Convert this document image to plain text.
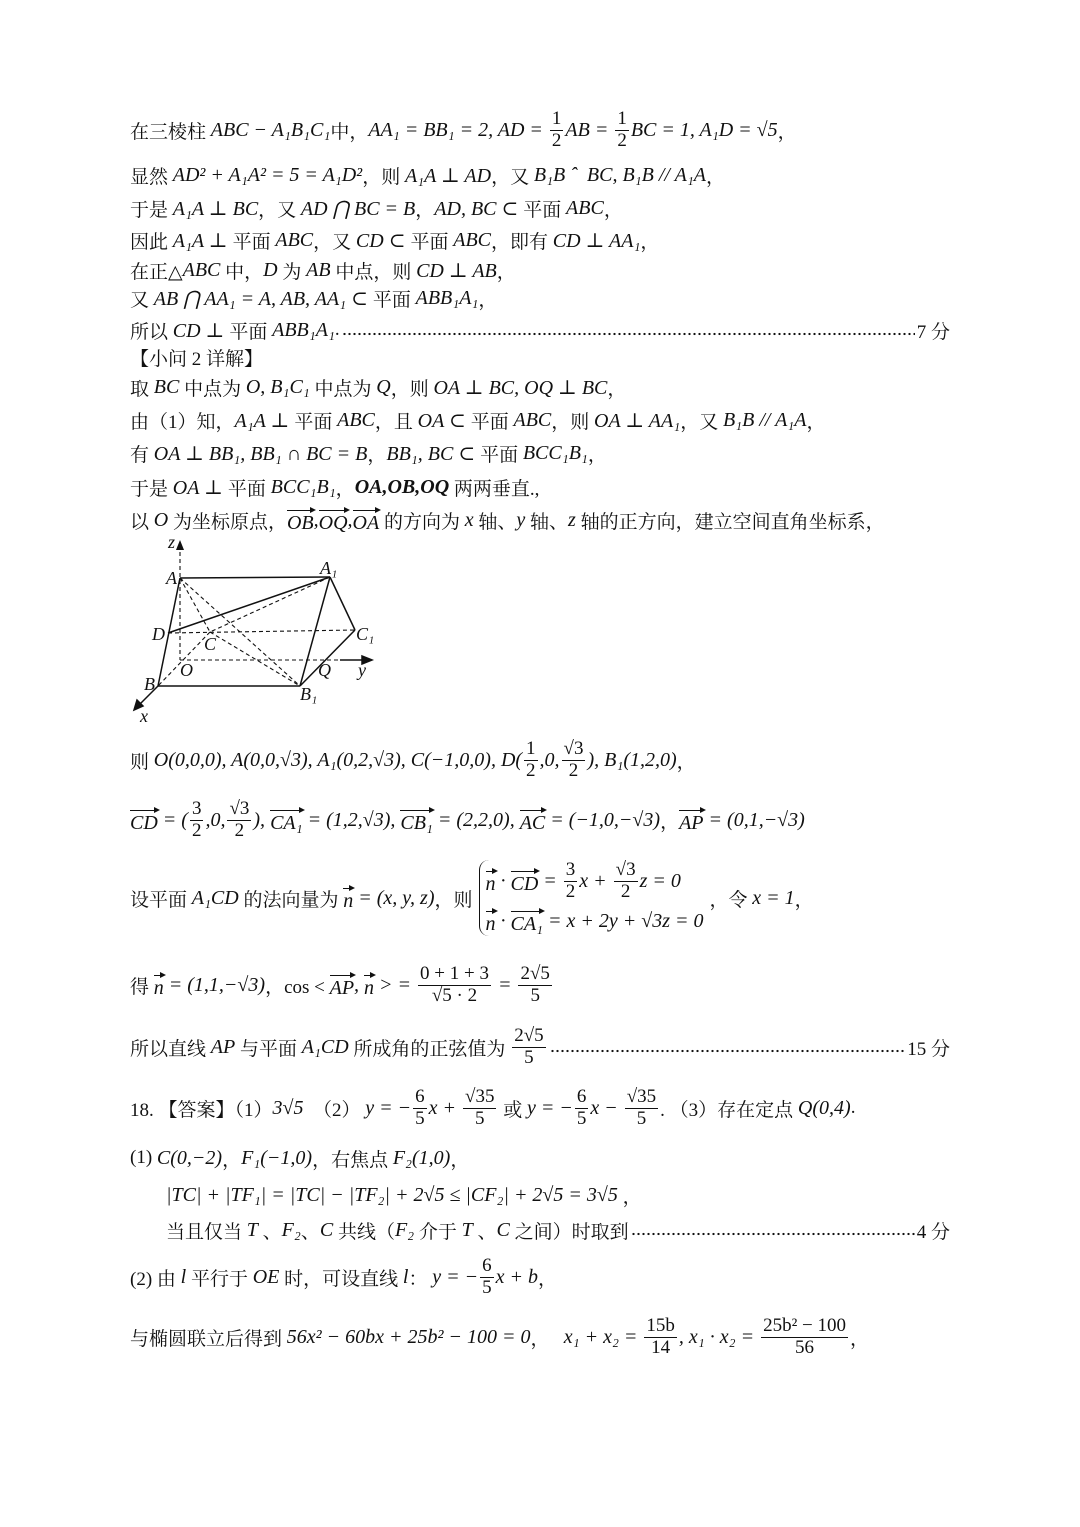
在三棱柱 ABC − A₁B₁C₁ 中， AA₁ = BB₁ = 2, AD = $\frac{1}{2}$ AB = $\frac{1}{2}$ BC = 1, A₁D = √5 ，
显然 AD² + A₁A² = 5 = A₁D² ，则 A₁A ⊥ AD ，又 B₁B ˆ  BC, B₁B // A₁A ，
于是 A₁A ⊥ BC ，又 AD ⋂ BC = B ， AD, BC ⊂ 平面 ABC ，
因此 A₁A ⊥ 平面 ABC ，又 CD ⊂ 平面 ABC ，即有 CD ⊥ AA₁ ，
在正△ ABC 中， D 为 AB 中点，则 CD ⊥ AB ，
又 AB ⋂ AA₁ = A, AB, AA₁ ⊂ 平面 ABB₁A₁ ，
所以 CD ⊥ 平面 ABB₁A₁ .	7 分
【小问 2 详解】
取 BC 中点为 O, B₁C₁ 中点为 Q ，则 OA ⊥ BC, OQ ⊥ BC ，
由（1）知， A₁A ⊥ 平面 ABC ，且 OA ⊂ 平面 ABC ，则 OA ⊥ AA₁ ，又 B₁B // A₁A ，
有 OA ⊥ BB₁, BB₁ ∩ BC = B ， BB₁, BC ⊂ 平面 BCC₁B₁ ，
于是 OA ⊥ 平面 BCC₁B₁ ， OA,OB,OQ 两两垂直.,
以 O 为坐标原点， OB , OQ , OA 的方向为 x 轴、 y 轴、 z 轴的正方向，建立空间直角坐标系，
z
A	A₁
C₁
D C
O	Q y
B	B₁
x
则 O(0,0,0), A(0,0,√3), A₁(0,2,√3), C(−1,0,0), $D( \frac{1}{2} ,0$, $\frac{√3}{2}$ ), B₁(1,2,0) ，
CD = ( $\frac{3}{2} ,0$, $\frac{√3}{2}$ ), CA₁ = (1,2,√3), CB₁ = (2,2,0), AC = (−1,0,−√3) ， AP = (0,1,−√3)
设平面 A₁CD 的法向量为 n = (x, y, z) ，则
n · CD = $\frac{3}{2}$ $x + \frac{√3}{2}$ z = 0
n · CA₁ = x + 2y + √3z = 0
，令 x = 1 ，
得 n = (1,1,−√3) ，cos < AP , n > = $\frac{0 + 1 + 3}{√5 \cdot 2} = \frac{2√5}{5}$
所以直线 AP 与平面 A₁CD 所成角的正弦值为 $\frac{2√5}{5}$	15 分
18. 【答案】（1） 3√5 （2） y = − $\frac{6}{5}$ $x + \frac{√35}{5}$ 或 y = − $\frac{6}{5}$ $x - \frac{√35}{5}$ . （3）存在定点 Q(0,4) .
(1) C(0,−2) ， F₁(−1,0) ，右焦点 F₂(1,0) ，
|TC| + |TF₁| = |TC| − |TF₂| + 2√5 ≤ |CF₂| + 2√5 = 3√5 ，
当且仅当 T 、 F₂ 、 C 共线（ F₂ 介于 T 、 C 之间）时取到	4 分
(2) 由 l 平行于 OE 时，可设直线 l ： y = − $\frac{6}{5}$ x + b ，
与椭圆联立后得到 56x² − 60bx + 25b² − 100 = 0 ， $x_1 + x_2 = \frac{15b}{14}$ , $x_1 \cdot x_2 = \frac{\text{25b² − 100}}{56}$ ，
